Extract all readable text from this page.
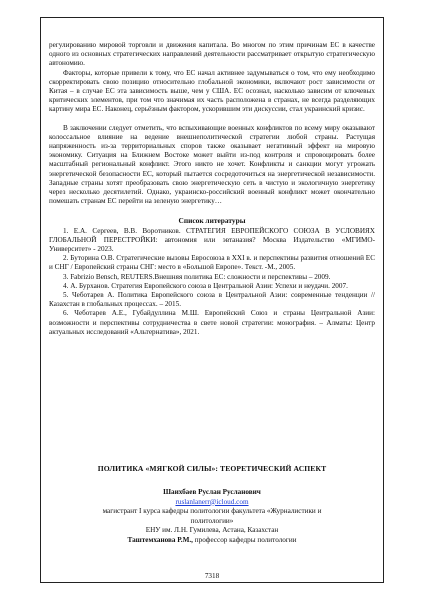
регулированию мировой торговли и движения капитала. Во многом по этим причинам ЕС в качестве одного из основных стратегических направлений деятельности рассматривает открытую стратегическую автономию.

Факторы, которые привели к тому, что ЕС начал активнее задумываться о том, что ему необходимо скорректировать свою позицию относительно глобальной экономики, включают рост зависимости от Китая – в случае ЕС эта зависимость выше, чем у США. ЕС осознал, насколько зависим от ключевых критических элементов, при том что значимая их часть расположена в странах, не всегда разделяющих картину мира ЕС. Наконец, серьёзным фактором, ускорившим эти дискуссии, стал украинский кризис.

В заключении следует отметить, что вспыхивающие военных конфликтов по всему миру оказывают колоссальное влияние на ведение внешнеполитической стратегии любой страны. Растущая напряженность из-за территориальных споров также оказывает негативный эффект на мировую экономику. Ситуация на Ближнем Востоке может выйти из-под контроля и спровоцировать более масштабный региональный конфликт. Этого никто не хочет. Конфликты и санкции могут угрожать энергетической безопасности ЕС, который пытается сосредоточиться на энергетической независимости. Западные страны хотят преобразовать свою энергетическую сеть в чистую и экологичную энергетику через несколько десятилетий. Однако, украинско-российский военный конфликт может окончательно помешать странам ЕС перейти на зеленую энергетику…

Список литературы

1. Е.А. Сергеев, В.В. Воротников. СТРАТЕГИЯ ЕВРОПЕЙСКОГО СОЮЗА В УСЛОВИЯХ ГЛОБАЛЬНОЙ ПЕРЕСТРОЙКИ: автономия или эвтаназия? Москва Издательство «МГИМО-Университет» - 2023.

2. Буторина О.В. Стратегические вызовы Евросоюза в XXI в. и перспективы развития отношений ЕС и СНГ / Европейский страны СНГ: место в «Большой Европе». Текст. -М., 2005.

3. Fabrizio Bensch, REUTERS.Внешняя политика ЕС: сложности и перспективы – 2009.

4. А. Бурханов. Стратегия Европейского союза в Центральной Азии: Успехи и неудачи. 2007.

5. Чеботарев А. Политика Европейского союза в Центральной Азии: современные тенденции // Казахстан в глобальных процессах. – 2015.

6. Чеботарев А.Е., Губайдуллина М.Ш. Европейский Союз и страны Центральной Азии: возможности и перспективы сотрудничества в свете новой стратегии: монография. – Алматы: Центр актуальных исследований «Альтернатива», 2021.

ПОЛИТИКА «МЯГКОЙ СИЛЫ»: ТЕОРЕТИЧЕСКИЙ АСПЕКТ
Шаихбаев Руслан Русланович
ruslanlanerr@icloud.com
магистрант I курса кафедры политологии факультета «Журналистики и
политологии»
ЕНУ им. Л.Н. Гумилева, Астана, Казахстан
Таштемханова Р.М., профессор кафедры политологии
7318
